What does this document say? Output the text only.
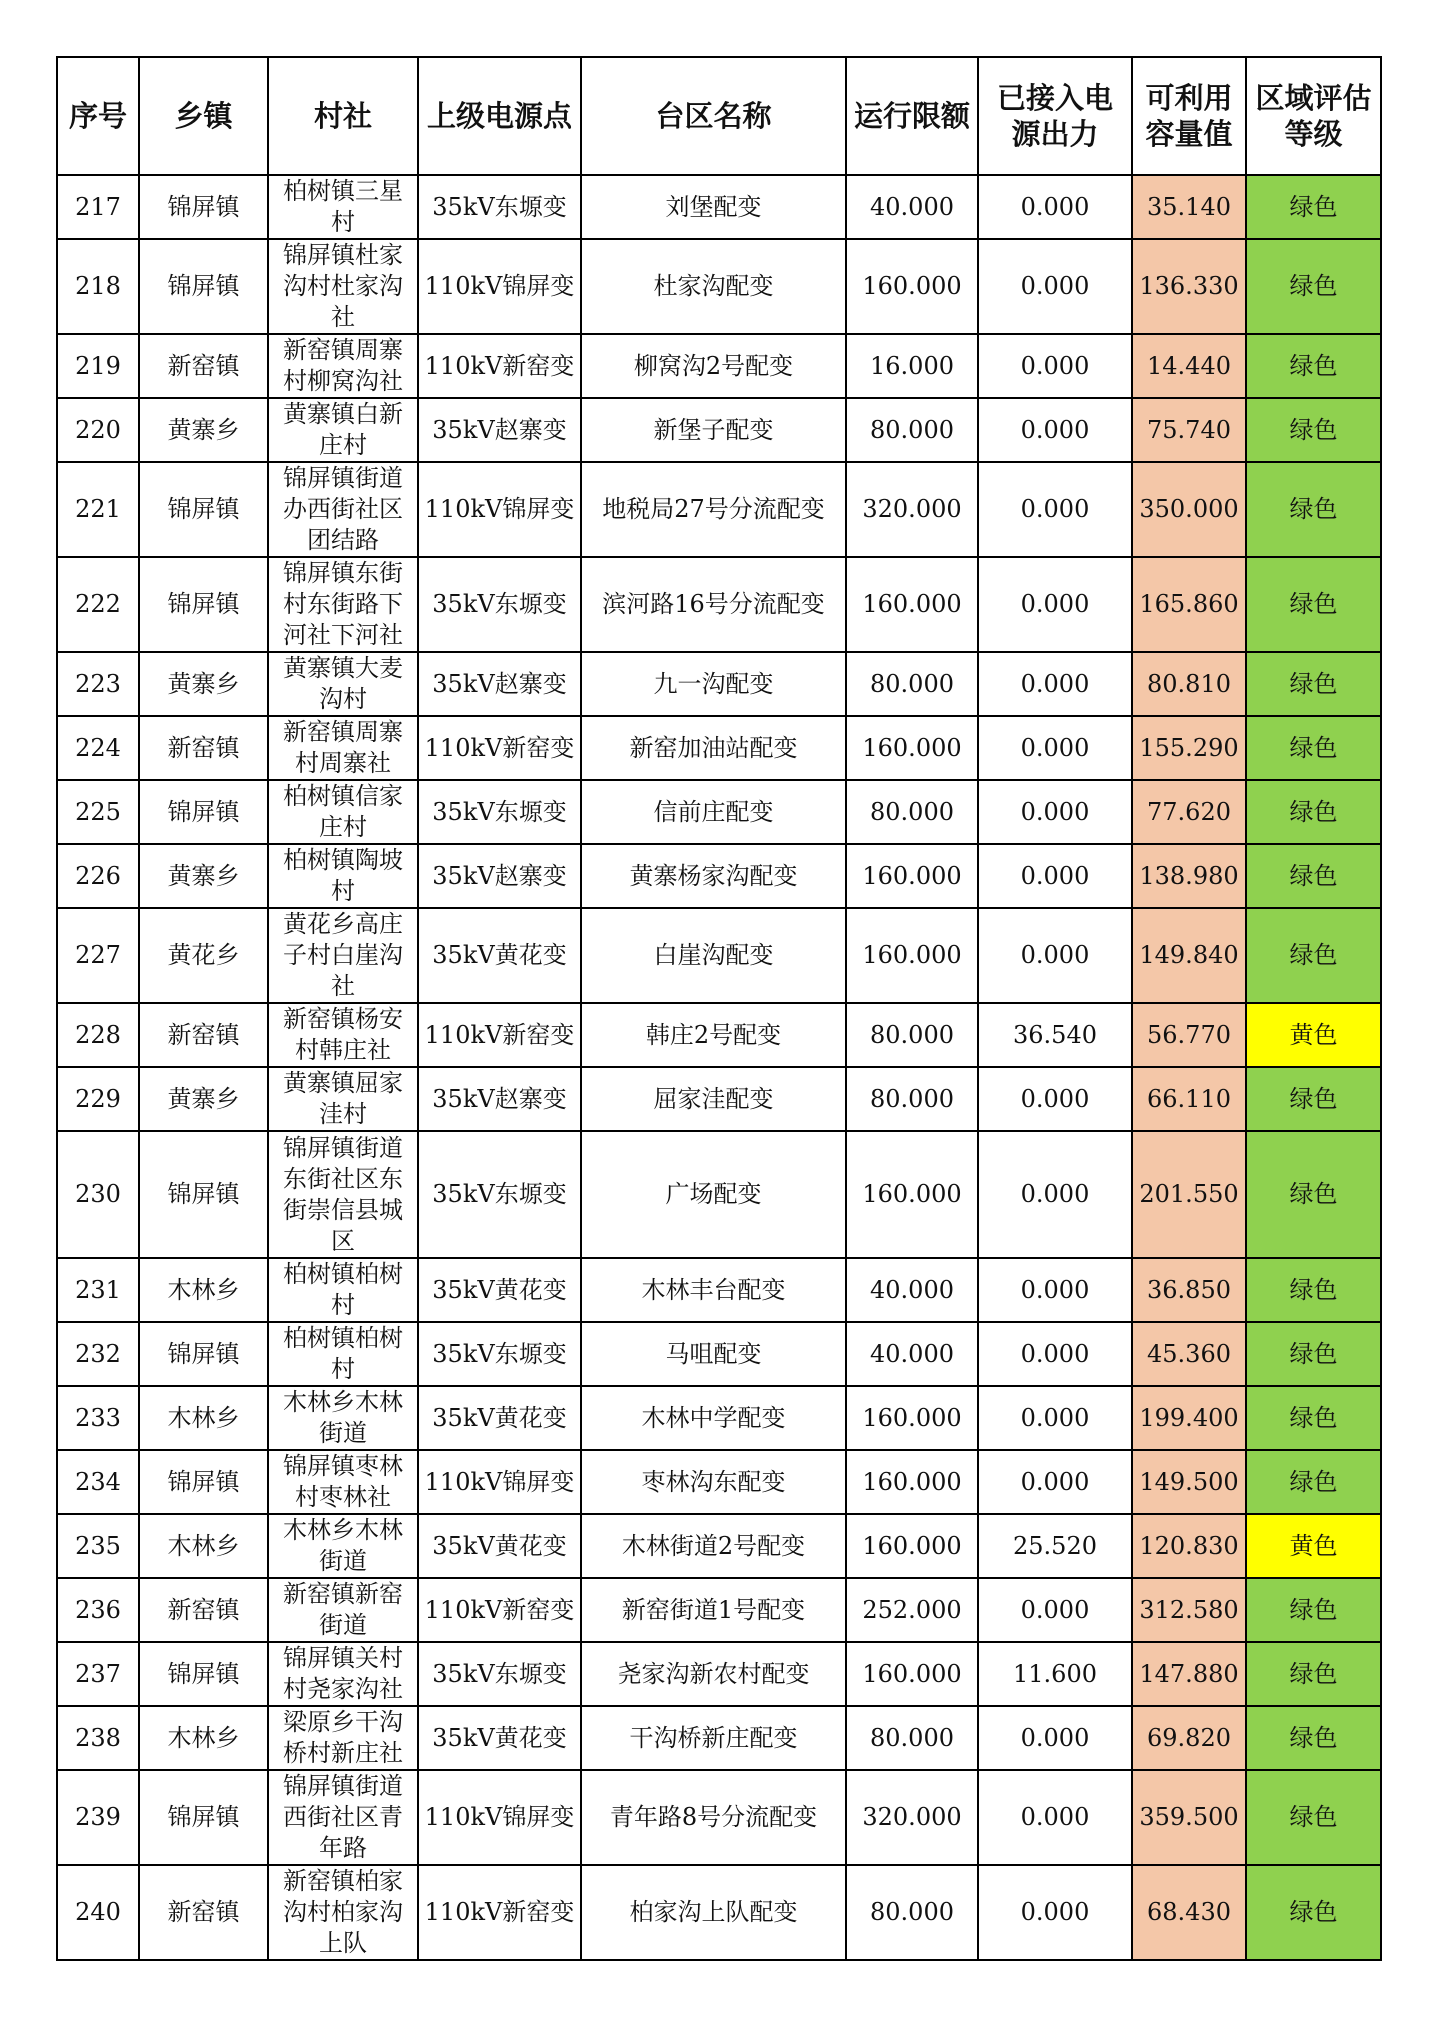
序号	乡镇	村社	上级电源点	台区名称	运行限额	已接入电源出力	可利用容量值	区域评估等级
217	锦屏镇	柏树镇三星村	35kV东塬变	刘堡配变	40.000	0.000	35.140	绿色
218	锦屏镇	锦屏镇杜家沟村杜家沟社	110kV锦屏变	杜家沟配变	160.000	0.000	136.330	绿色
219	新窑镇	新窑镇周寨村柳窝沟社	110kV新窑变	柳窝沟2号配变	16.000	0.000	14.440	绿色
220	黄寨乡	黄寨镇白新庄村	35kV赵寨变	新堡子配变	80.000	0.000	75.740	绿色
221	锦屏镇	锦屏镇街道办西街社区团结路	110kV锦屏变	地税局27号分流配变	320.000	0.000	350.000	绿色
222	锦屏镇	锦屏镇东街村东街路下河社下河社	35kV东塬变	滨河路16号分流配变	160.000	0.000	165.860	绿色
223	黄寨乡	黄寨镇大麦沟村	35kV赵寨变	九一沟配变	80.000	0.000	80.810	绿色
224	新窑镇	新窑镇周寨村周寨社	110kV新窑变	新窑加油站配变	160.000	0.000	155.290	绿色
225	锦屏镇	柏树镇信家庄村	35kV东塬变	信前庄配变	80.000	0.000	77.620	绿色
226	黄寨乡	柏树镇陶坡村	35kV赵寨变	黄寨杨家沟配变	160.000	0.000	138.980	绿色
227	黄花乡	黄花乡高庄子村白崖沟社	35kV黄花变	白崖沟配变	160.000	0.000	149.840	绿色
228	新窑镇	新窑镇杨安村韩庄社	110kV新窑变	韩庄2号配变	80.000	36.540	56.770	黄色
229	黄寨乡	黄寨镇屈家洼村	35kV赵寨变	屈家洼配变	80.000	0.000	66.110	绿色
230	锦屏镇	锦屏镇街道东街社区东街崇信县城区	35kV东塬变	广场配变	160.000	0.000	201.550	绿色
231	木林乡	柏树镇柏树村	35kV黄花变	木林丰台配变	40.000	0.000	36.850	绿色
232	锦屏镇	柏树镇柏树村	35kV东塬变	马咀配变	40.000	0.000	45.360	绿色
233	木林乡	木林乡木林街道	35kV黄花变	木林中学配变	160.000	0.000	199.400	绿色
234	锦屏镇	锦屏镇枣林村枣林社	110kV锦屏变	枣林沟东配变	160.000	0.000	149.500	绿色
235	木林乡	木林乡木林街道	35kV黄花变	木林街道2号配变	160.000	25.520	120.830	黄色
236	新窑镇	新窑镇新窑街道	110kV新窑变	新窑街道1号配变	252.000	0.000	312.580	绿色
237	锦屏镇	锦屏镇关村村尧家沟社	35kV东塬变	尧家沟新农村配变	160.000	11.600	147.880	绿色
238	木林乡	梁原乡干沟桥村新庄社	35kV黄花变	干沟桥新庄配变	80.000	0.000	69.820	绿色
239	锦屏镇	锦屏镇街道西街社区青年路	110kV锦屏变	青年路8号分流配变	320.000	0.000	359.500	绿色
240	新窑镇	新窑镇柏家沟村柏家沟上队	110kV新窑变	柏家沟上队配变	80.000	0.000	68.430	绿色
